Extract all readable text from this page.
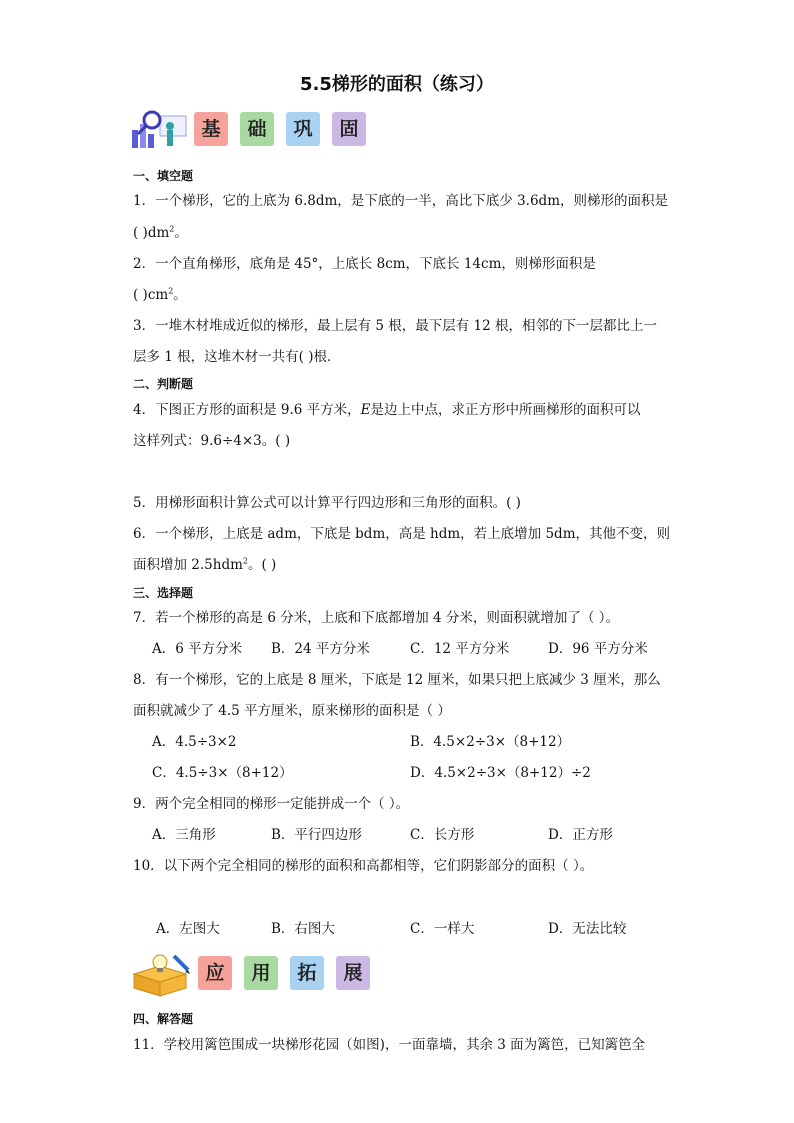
5.5梯形的面积（练习）
基	础	巩	固
一、填空题
1．一个梯形，它的上底为 6.8dm，是下底的一半，高比下底少 3.6dm，则梯形的面积是
( )$dm^2$。
2．一个直角梯形，底角是 45°，上底长 8cm，下底长 14cm，则梯形面积是
( )$cm^2$。
3．一堆木材堆成近似的梯形，最上层有 5 根，最下层有 12 根，相邻的下一层都比上一
层多 1 根，这堆木材一共有( )根．
二、判断题
4．下图正方形的面积是 9.6 平方米，E是边上中点，求正方形中所画梯形的面积可以
这样列式：9.6÷4×3。( )
5．用梯形面积计算公式可以计算平行四边形和三角形的面积。( )
6．一个梯形，上底是 adm，下底是 bdm，高是 hdm，若上底增加 5dm，其他不变，则
面积增加 2.5hdm$^2$。( )
三、选择题
7．若一个梯形的高是 6 分米，上底和下底都增加 4 分米，则面积就增加了（ ）。
A．6 平方分米 B．24 平方分米	C．12 平方分米	D．96 平方分米
8．有一个梯形，它的上底是 8 厘米，下底是 12 厘米，如果只把上底减少 3 厘米，那么
面积就减少了 4.5 平方厘米，原来梯形的面积是（ ）
A．4.5÷3×2	B．4.5×2÷3×（8+12）
C．4.5÷3×（8+12）	D．4.5×2÷3×（8+12）÷2
9．两个完全相同的梯形一定能拼成一个（ ）。
A．三角形	B．平行四边形	C．长方形	D．正方形
10．以下两个完全相同的梯形的面积和高都相等，它们阴影部分的面积（ ）。
A．左图大	B．右图大	C．一样大	D．无法比较
应	用	拓	展
四、解答题
11．学校用篱笆围成一块梯形花园（如图)，一面靠墙，其余 3 面为篱笆，已知篱笆全
